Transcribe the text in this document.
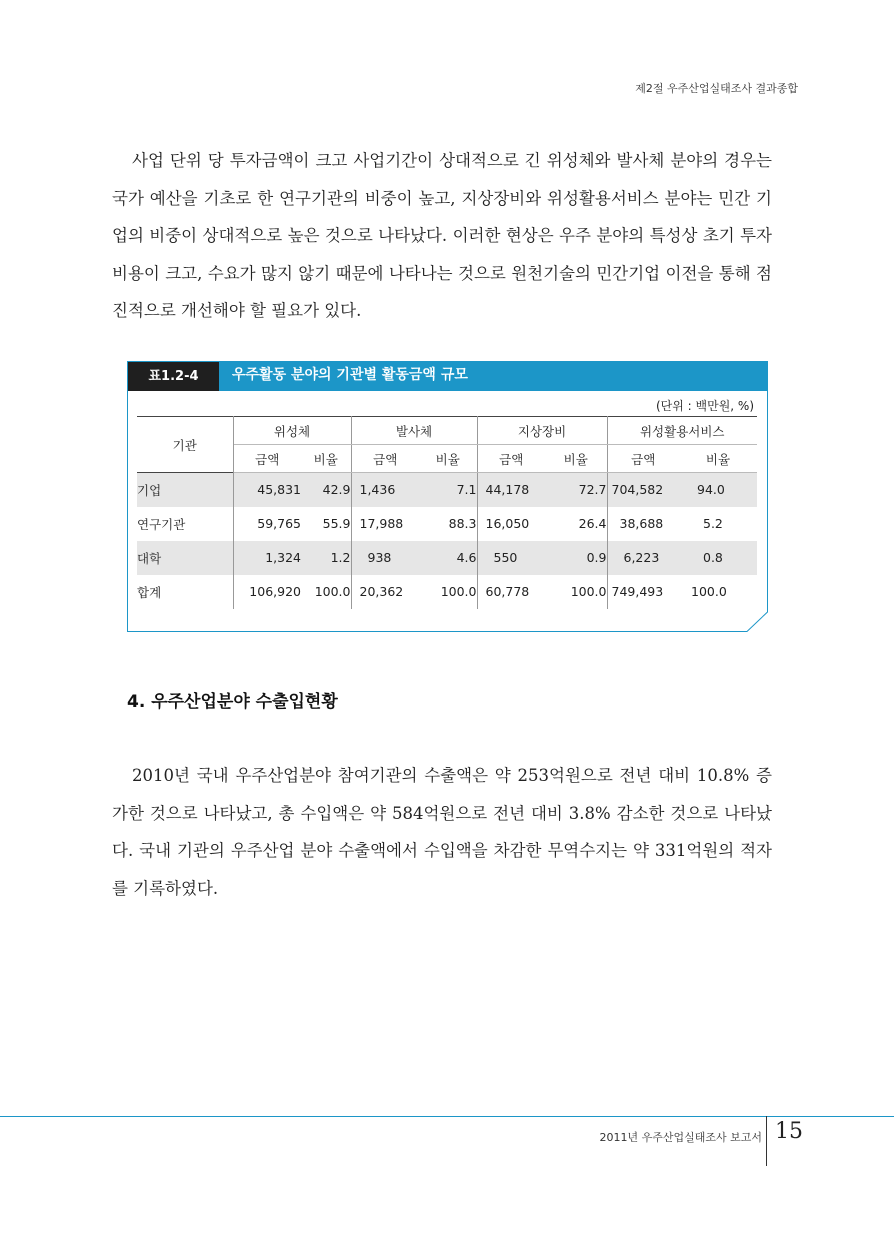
제2절 우주산업실태조사 결과종합

사업 단위 당 투자금액이 크고 사업기간이 상대적으로 긴 위성체와 발사체 분야의 경우는 국가 예산을 기초로 한 연구기관의 비중이 높고, 지상장비와 위성활용서비스 분야는 민간 기업의 비중이 상대적으로 높은 것으로 나타났다. 이러한 현상은 우주 분야의 특성상 초기 투자비용이 크고, 수요가 많지 않기 때문에 나타나는 것으로 원천기술의 민간기업 이전을 통해 점진적으로 개선해야 할 필요가 있다.

표1.2-4	우주활동 분야의 기관별 활동금액 규모
(단위 : 백만원, %)
기관	위성체		발사체		지상장비		위성활용서비스	
	금액	비율	금액	비율	금액	비율	금액	비율
기업	45,831	42.9	1,436	7.1	44,178	72.7	704,582	94.0
연구기관	59,765	55.9	17,988	88.3	16,050	26.4	38,688	5.2
대학	1,324	1.2	938	4.6	550	0.9	6,223	0.8
합계	106,920	100.0	20,362	100.0	60,778	100.0	749,493	100.0
4. 우주산업분야 수출입현황

2010년 국내 우주산업분야 참여기관의 수출액은 약 253억원으로 전년 대비 10.8% 증가한 것으로 나타났고, 총 수입액은 약 584억원으로 전년 대비 3.8% 감소한 것으로 나타났다. 국내 기관의 우주산업 분야 수출액에서 수입액을 차감한 무역수지는 약 331억원의 적자를 기록하였다.

2011년 우주산업실태조사 보고서 15
